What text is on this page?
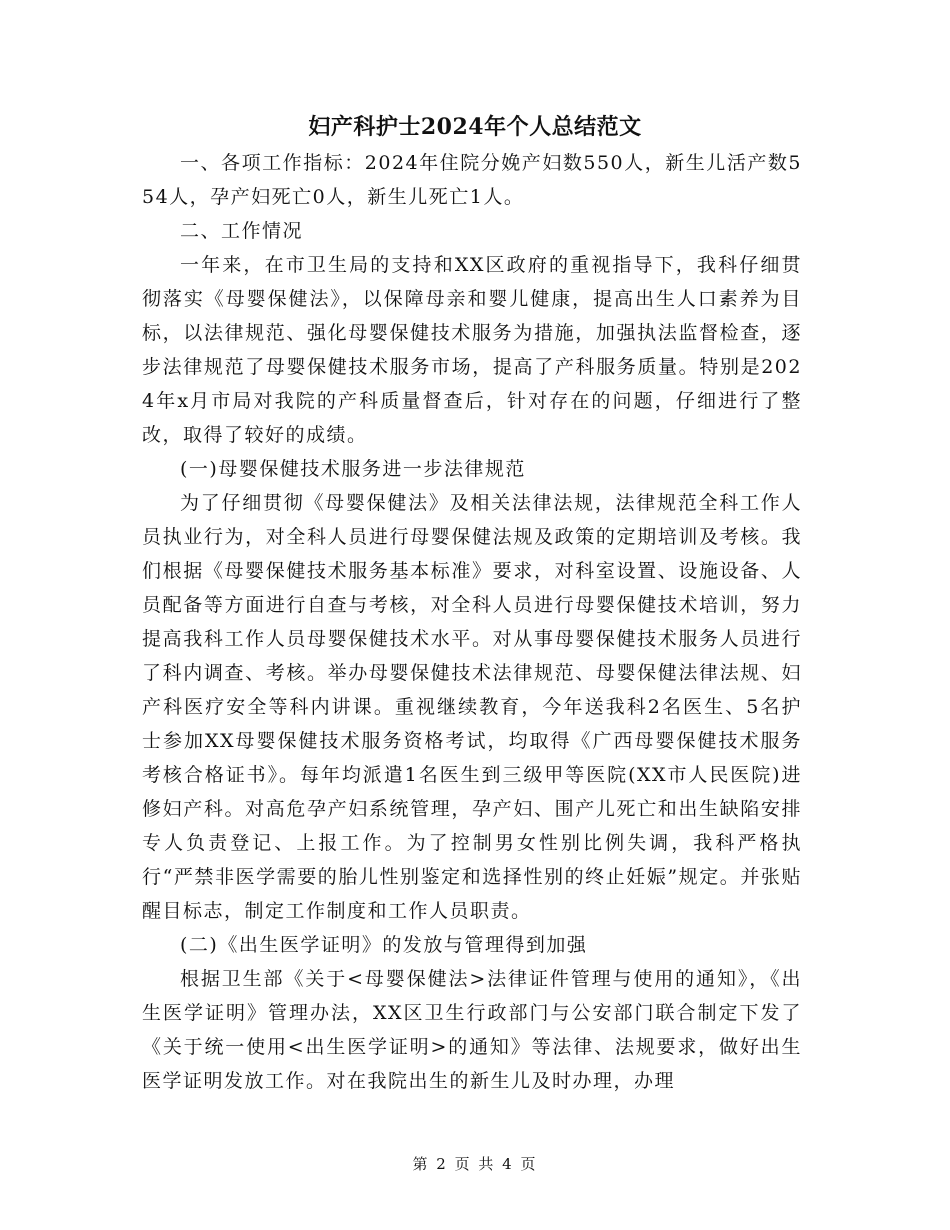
妇产科护士2024年个人总结范文

一、各项工作指标：2024年住院分娩产妇数550人，新生儿活产数554人，孕产妇死亡0人，新生儿死亡1人。

二、工作情况

一年来，在市卫生局的支持和XX区政府的重视指导下，我科仔细贯彻落实《母婴保健法》，以保障母亲和婴儿健康，提高出生人口素养为目标，以法律规范、强化母婴保健技术服务为措施，加强执法监督检查，逐步法律规范了母婴保健技术服务市场，提高了产科服务质量。特别是2024年x月市局对我院的产科质量督查后，针对存在的问题，仔细进行了整改，取得了较好的成绩。

(一)母婴保健技术服务进一步法律规范

为了仔细贯彻《母婴保健法》及相关法律法规，法律规范全科工作人员执业行为，对全科人员进行母婴保健法规及政策的定期培训及考核。我们根据《母婴保健技术服务基本标准》要求，对科室设置、设施设备、人员配备等方面进行自查与考核，对全科人员进行母婴保健技术培训，努力提高我科工作人员母婴保健技术水平。对从事母婴保健技术服务人员进行了科内调查、考核。举办母婴保健技术法律规范、母婴保健法律法规、妇产科医疗安全等科内讲课。重视继续教育，今年送我科2名医生、5名护士参加XX母婴保健技术服务资格考试，均取得《广西母婴保健技术服务考核合格证书》。每年均派遣1名医生到三级甲等医院(XX市人民医院)进修妇产科。对高危孕产妇系统管理，孕产妇、围产儿死亡和出生缺陷安排专人负责登记、上报工作。为了控制男女性别比例失调，我科严格执行“严禁非医学需要的胎儿性别鉴定和选择性别的终止妊娠”规定。并张贴醒目标志，制定工作制度和工作人员职责。

(二)《出生医学证明》的发放与管理得到加强

根据卫生部《关于<母婴保健法>法律证件管理与使用的通知》，《出生医学证明》管理办法，XX区卫生行政部门与公安部门联合制定下发了《关于统一使用<出生医学证明>的通知》等法律、法规要求，做好出生医学证明发放工作。对在我院出生的新生儿及时办理，办理

第 2 页 共 4 页
